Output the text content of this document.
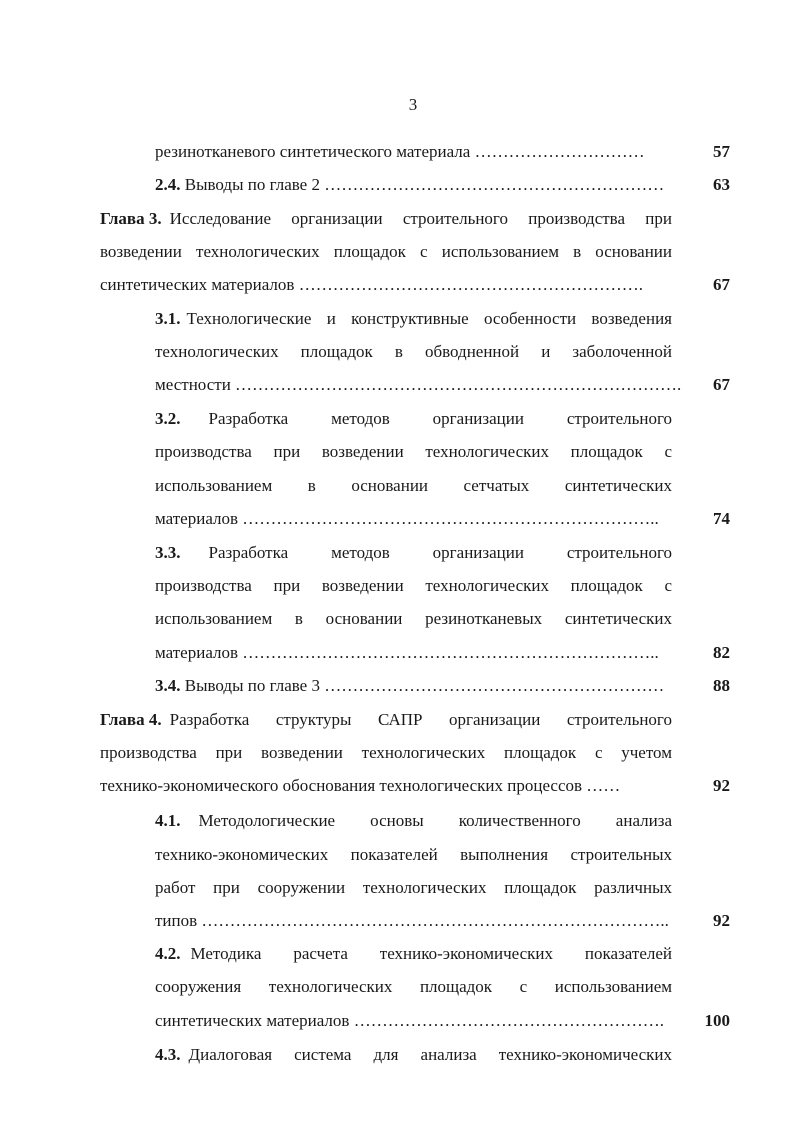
3
резинотканевого синтетического материала …………………………	57
2.4. Выводы по главе 2 ……………………………………………………	63
Глава 3. Исследование организации строительного производства при
возведении технологических площадок с использованием в основании
синтетических материалов …………………………………………………….	67
3.1. Технологические и конструктивные особенности возведения
технологических площадок в обводненной и заболоченной
местности ……………………………………………………………………. 67
3.2. Разработка методов организации строительного
производства при возведении технологических площадок с
использованием в основании сетчатых синтетических
материалов ………………………………………………………………..	74
3.3. Разработка методов организации строительного
производства при возведении технологических площадок с
использованием в основании резинотканевых синтетических
материалов ………………………………………………………………..	82
3.4. Выводы по главе 3 ……………………………………………………	88
Глава 4. Разработка структуры САПР организации строительного
производства при возведении технологических площадок с учетом
технико-экономического обоснования технологических процессов ……	92
4.1. Методологические основы количественного анализа
технико-экономических показателей выполнения строительных
работ при сооружении технологических площадок различных
типов ………………………………………………………………………..	92
4.2. Методика расчета технико-экономических показателей
сооружения технологических площадок с использованием
синтетических материалов ……………………………………………….	100
4.3. Диалоговая система для анализа технико-экономических
